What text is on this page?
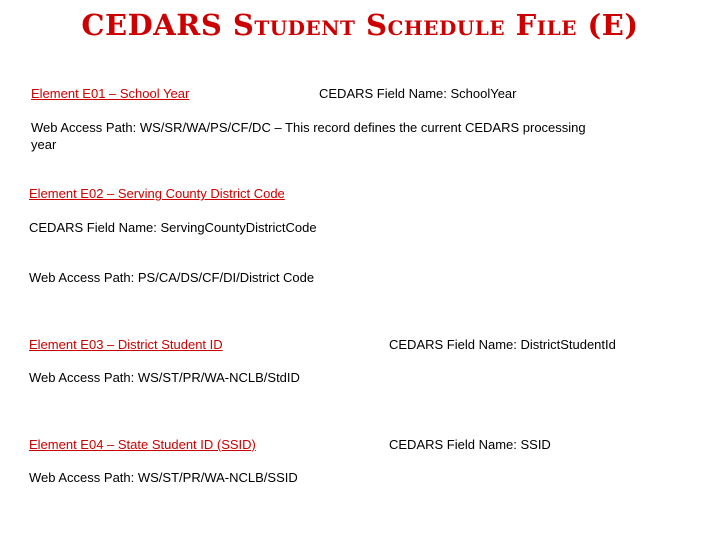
CEDARS Student Schedule File (E)
Element E01 – School Year	CEDARS Field Name: SchoolYear
Web Access Path: WS/SR/WA/PS/CF/DC – This record defines the current CEDARS processing year
Element E02 – Serving County District Code
CEDARS Field Name: ServingCountyDistrictCode
Web Access Path: PS/CA/DS/CF/DI/District Code
Element E03 – District Student ID	CEDARS Field Name: DistrictStudentId
Web Access Path: WS/ST/PR/WA-NCLB/StdID
Element E04 – State Student ID (SSID)	CEDARS Field Name: SSID
Web Access Path: WS/ST/PR/WA-NCLB/SSID
